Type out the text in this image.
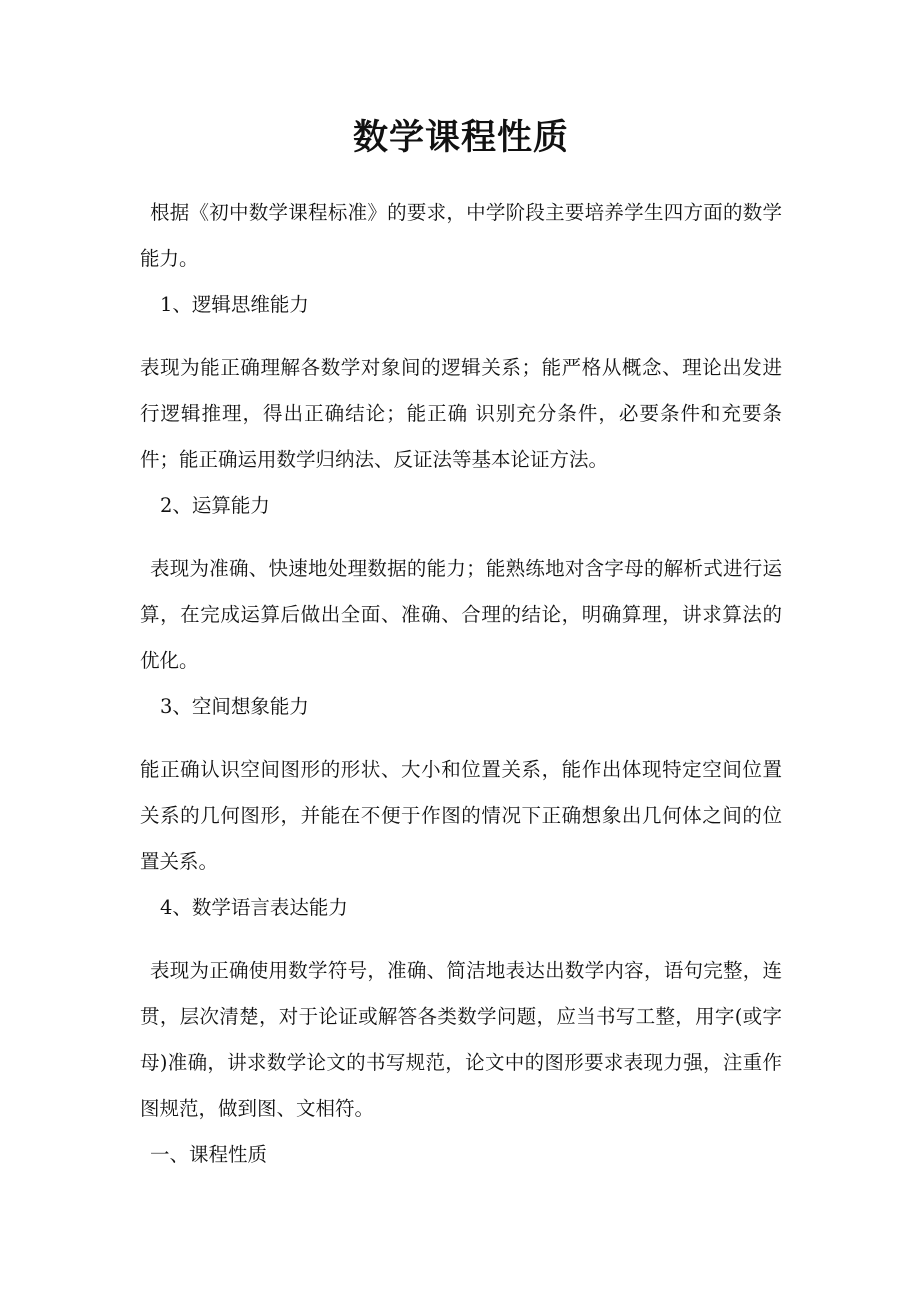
数学课程性质

根据《初中数学课程标准》的要求，中学阶段主要培养学生四方面的数学能力。

1、逻辑思维能力

表现为能正确理解各数学对象间的逻辑关系；能严格从概念、理论出发进行逻辑推理，得出正确结论；能正确 识别充分条件，必要条件和充要条件；能正确运用数学归纳法、反证法等基本论证方法。

2、运算能力

表现为准确、快速地处理数据的能力；能熟练地对含字母的解析式进行运算，在完成运算后做出全面、准确、合理的结论，明确算理，讲求算法的优化。

3、空间想象能力

能正确认识空间图形的形状、大小和位置关系，能作出体现特定空间位置关系的几何图形，并能在不便于作图的情况下正确想象出几何体之间的位置关系。

4、数学语言表达能力

表现为正确使用数学符号，准确、简洁地表达出数学内容，语句完整，连贯，层次清楚，对于论证或解答各类数学问题，应当书写工整，用字(或字母)准确，讲求数学论文的书写规范，论文中的图形要求表现力强，注重作图规范，做到图、文相符。

一、课程性质
